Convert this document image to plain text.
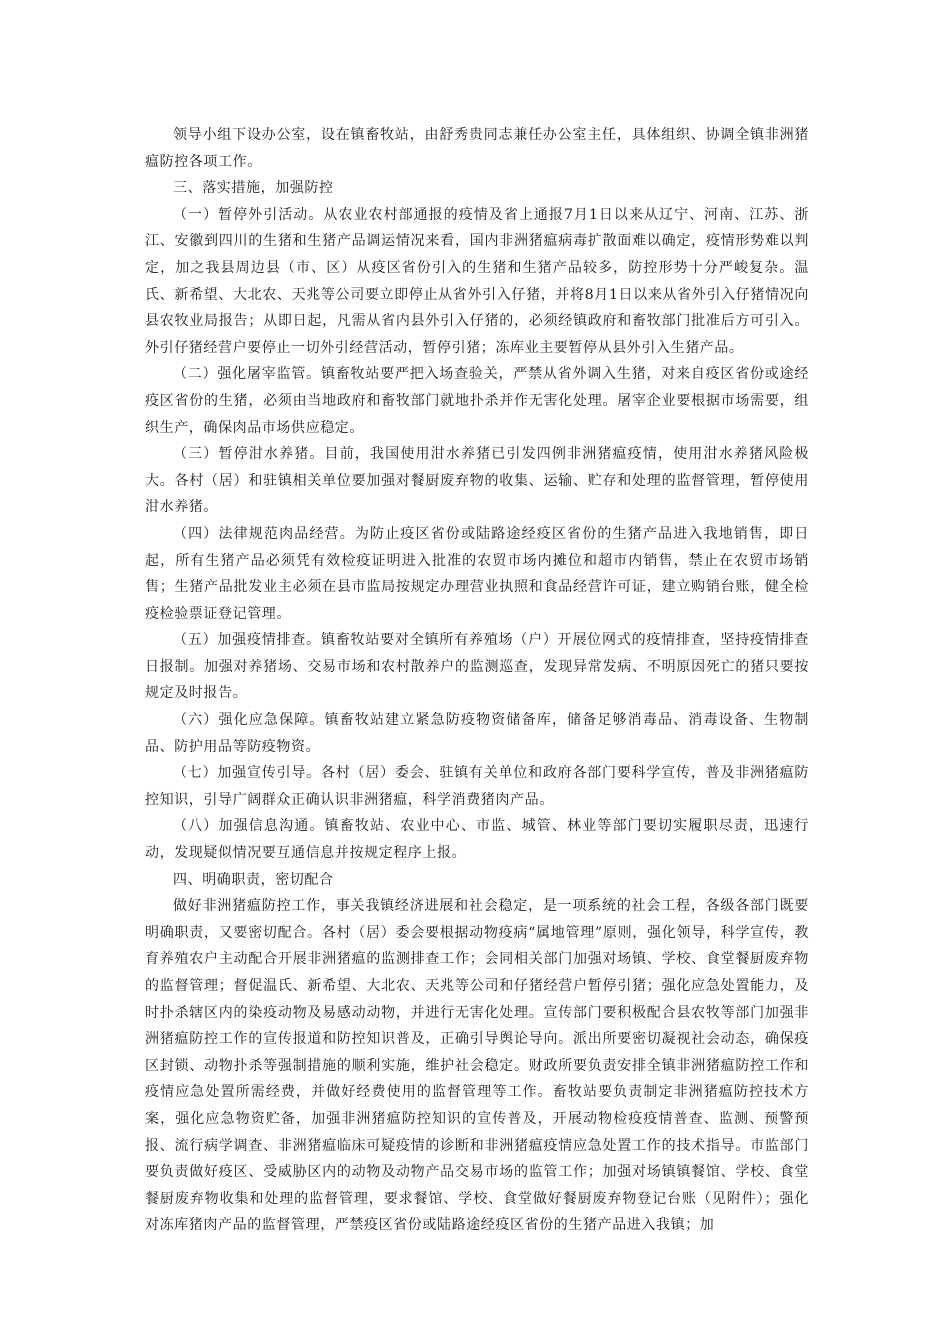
领导小组下设办公室，设在镇畜牧站，由舒秀贵同志兼任办公室主任，具体组织、协调全镇非洲猪瘟防控各项工作。

三、落实措施，加强防控

（一）暂停外引活动。从农业农村部通报的疫情及省上通报7月1日以来从辽宁、河南、江苏、浙江、安徽到四川的生猪和生猪产品调运情况来看，国内非洲猪瘟病毒扩散面难以确定，疫情形势难以判定，加之我县周边县（市、区）从疫区省份引入的生猪和生猪产品较多，防控形势十分严峻复杂。温氏、新希望、大北农、天兆等公司要立即停止从省外引入仔猪，并将8月1日以来从省外引入仔猪情况向县农牧业局报告；从即日起，凡需从省内县外引入仔猪的，必须经镇政府和畜牧部门批准后方可引入。外引仔猪经营户要停止一切外引经营活动，暂停引猪；冻库业主要暂停从县外引入生猪产品。

（二）强化屠宰监管。镇畜牧站要严把入场查验关，严禁从省外调入生猪，对来自疫区省份或途经疫区省份的生猪，必须由当地政府和畜牧部门就地扑杀并作无害化处理。屠宰企业要根据市场需要，组织生产，确保肉品市场供应稳定。

（三）暂停泔水养猪。目前，我国使用泔水养猪已引发四例非洲猪瘟疫情，使用泔水养猪风险极大。各村（居）和驻镇相关单位要加强对餐厨废弃物的收集、运输、贮存和处理的监督管理，暂停使用泔水养猪。

（四）法律规范肉品经营。为防止疫区省份或陆路途经疫区省份的生猪产品进入我地销售，即日起，所有生猪产品必须凭有效检疫证明进入批准的农贸市场内摊位和超市内销售，禁止在农贸市场销售；生猪产品批发业主必须在县市监局按规定办理营业执照和食品经营许可证，建立购销台账，健全检疫检验票证登记管理。

（五）加强疫情排查。镇畜牧站要对全镇所有养殖场（户）开展位网式的疫情排查，坚持疫情排查日报制。加强对养猪场、交易市场和农村散养户的监测巡查，发现异常发病、不明原因死亡的猪只要按规定及时报告。

（六）强化应急保障。镇畜牧站建立紧急防疫物资储备库，储备足够消毒品、消毒设备、生物制品、防护用品等防疫物资。

（七）加强宣传引导。各村（居）委会、驻镇有关单位和政府各部门要科学宣传，普及非洲猪瘟防控知识，引导广阔群众正确认识非洲猪瘟，科学消费猪肉产品。

（八）加强信息沟通。镇畜牧站、农业中心、市监、城管、林业等部门要切实履职尽责，迅速行动，发现疑似情况要互通信息并按规定程序上报。

四、明确职责，密切配合

做好非洲猪瘟防控工作，事关我镇经济进展和社会稳定，是一项系统的社会工程，各级各部门既要明确职责，又要密切配合。各村（居）委会要根据动物疫病“属地管理”原则，强化领导，科学宣传，教育养殖农户主动配合开展非洲猪瘟的监测排查工作；会同相关部门加强对场镇、学校、食堂餐厨废弃物的监督管理；督促温氏、新希望、大北农、天兆等公司和仔猪经营户暂停引猪；强化应急处置能力，及时扑杀辖区内的染疫动物及易感动动物，并进行无害化处理。宣传部门要积极配合县农牧等部门加强非洲猪瘟防控工作的宣传报道和防控知识普及，正确引导舆论导向。派出所要密切凝视社会动态，确保疫区封锁、动物扑杀等强制措施的顺利实施，维护社会稳定。财政所要负责安排全镇非洲猪瘟防控工作和疫情应急处置所需经费，并做好经费使用的监督管理等工作。畜牧站要负责制定非洲猪瘟防控技术方案，强化应急物资贮备，加强非洲猪瘟防控知识的宣传普及，开展动物检疫疫情普查、监测、预警预报、流行病学调查、非洲猪瘟临床可疑疫情的诊断和非洲猪瘟疫情应急处置工作的技术指导。市监部门要负责做好疫区、受威胁区内的动物及动物产品交易市场的监管工作；加强对场镇镇餐馆、学校、食堂餐厨废弃物收集和处理的监督管理，要求餐馆、学校、食堂做好餐厨废弃物登记台账（见附件）；强化对冻库猪肉产品的监督管理，严禁疫区省份或陆路途经疫区省份的生猪产品进入我镇；加
